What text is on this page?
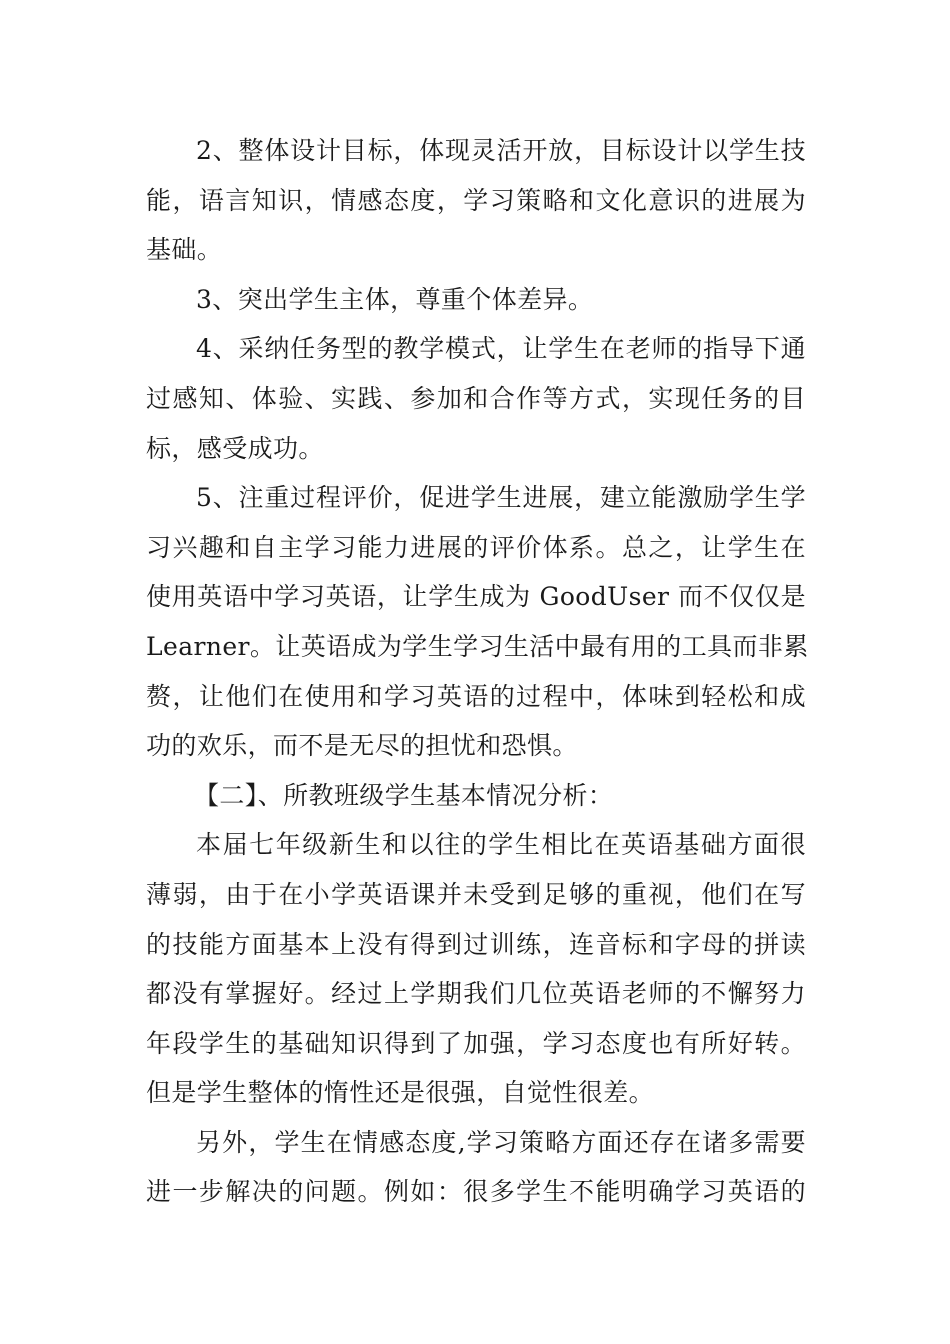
2、整体设计目标，体现灵活开放，目标设计以学生技
能，语言知识，情感态度，学习策略和文化意识的进展为
基础。
3、突出学生主体，尊重个体差异。
4、采纳任务型的教学模式，让学生在老师的指导下通
过感知、体验、实践、参加和合作等方式，实现任务的目
标，感受成功。
5、注重过程评价，促进学生进展，建立能激励学生学
习兴趣和自主学习能力进展的评价体系。总之，让学生在
使用英语中学习英语，让学生成为 GoodUser 而不仅仅是
Learner。让英语成为学生学习生活中最有用的工具而非累
赘，让他们在使用和学习英语的过程中，体味到轻松和成
功的欢乐，而不是无尽的担忧和恐惧。
【二】、所教班级学生基本情况分析：
本届七年级新生和以往的学生相比在英语基础方面很
薄弱，由于在小学英语课并未受到足够的重视，他们在写
的技能方面基本上没有得到过训练，连音标和字母的拼读
都没有掌握好。经过上学期我们几位英语老师的不懈努力
年段学生的基础知识得到了加强，学习态度也有所好转。
但是学生整体的惰性还是很强，自觉性很差。
另外，学生在情感态度,学习策略方面还存在诸多需要
进一步解决的问题。例如：很多学生不能明确学习英语的
